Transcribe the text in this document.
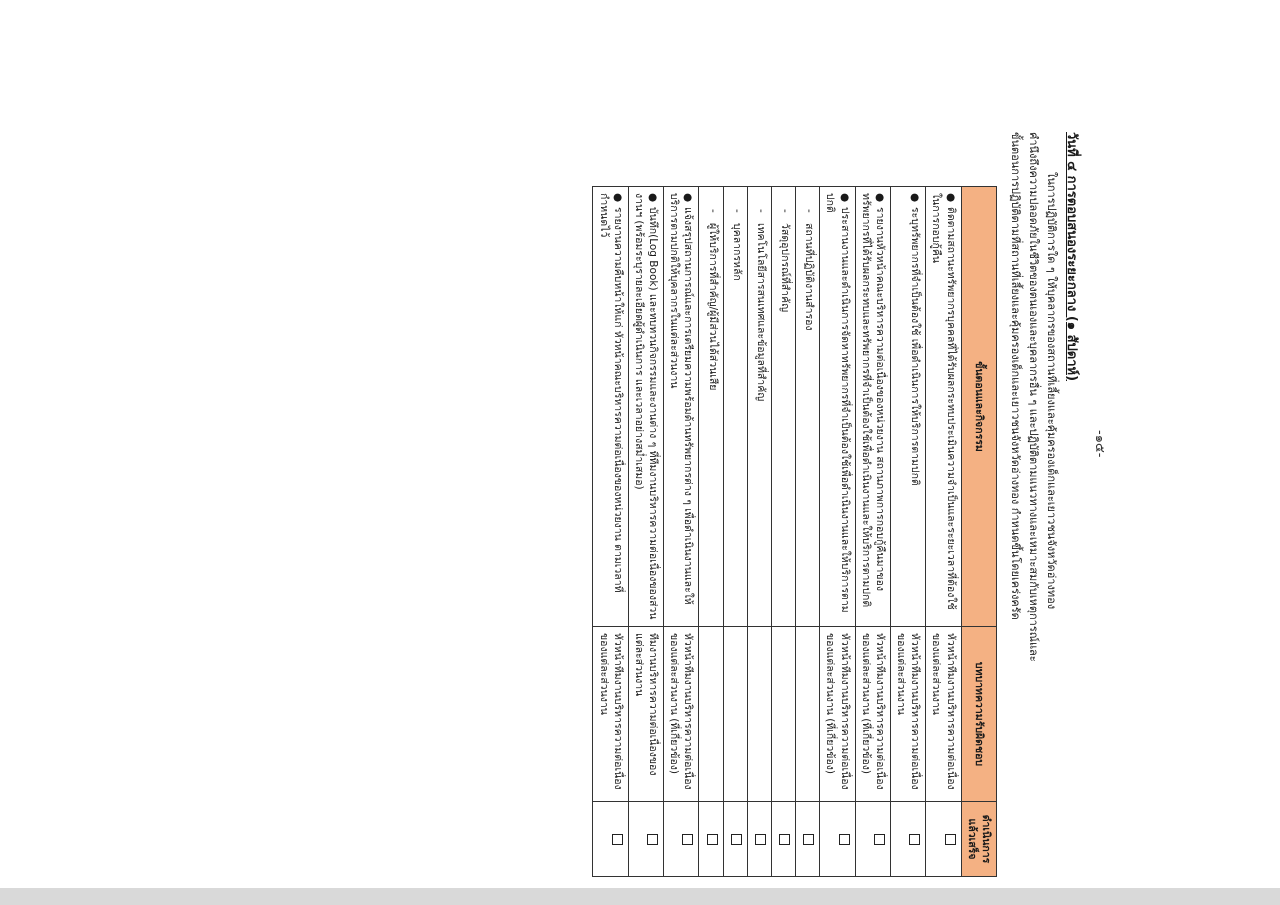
-๑๕-
วันที่ ๔ การตอบสนองระยะกลาง (๑ สัปดาห์)

ในการปฏิบัติการใด ๆ ให้บุคลากรของสถานที่เลี้ยงและคุ้มครองเด็กและเยาวชนจังหวัดอ่างทอง

คำนึงถึงความปลอดภัยในชีวิตของตนเองและบุคลากรอื่น ๆ และปฏิบัติตามแนวทางและเหมาะสมกับเหตุการณ์และ

ขั้นตอนการปฏิบัติตามที่สถานที่เลี้ยงและคุ้มครองเด็กและเยาวชนจังหวัดอ่างทอง กำหนดขึ้นโดยเคร่งครัด

ขั้นตอนและกิจกรรม	บทบาทความรับผิดชอบ	ดำเนินการแล้วเสร็จ
●ติดตามสถานะทรัพยากรบุคคลที่ได้รับผลกระทบประเมินความจำเป็นและระยะเวลาที่ต้องใช้ในการกอบกู้คืน	หัวหน้าทีมงานบริหารความต่อเนื่องของแต่ละส่วนงาน	
●ระบุทรัพยากรที่จำเป็นต้องใช้ เพื่อดำเนินการให้บริการตามปกติ	หัวหน้าทีมงานบริหารความต่อเนื่องของแต่ละส่วนงาน	
●รายงานหัวหน้าคณะบริหารความต่อเนื่องของหน่วยงาน สถานภาพการกอบกู้คืนมาของทรัพยากรที่ได้รับผลกระทบและทรัพยากรที่จำเป็นต้องใช้เพื่อดำเนินงานและให้บริการตามปกติ	หัวหน้าทีมงานบริหารความต่อเนื่องของแต่ละส่วนงาน (ที่เกี่ยวข้อง)	
●ประสานงานและดำเนินการจัดหาทรัพยากรที่จำเป็นต้องใช้เพื่อดำเนินงานและให้บริการตามปกติ	หัวหน้าทีมงานบริหารความต่อเนื่องของแต่ละส่วนงาน (ที่เกี่ยวข้อง)	

-สถานที่ปฏิบัติงานสำรอง		

-วัสดุอุปกรณ์ที่สำคัญ		

-เทคโนโลยีสารสนเทศและข้อมูลที่สำคัญ		

-บุคลากรหลัก		

-ผู้ให้บริการที่สำคัญ/ผู้มีส่วนได้ส่วนเสีย		

●แจ้งสรุปสถานการณ์และการเตรียมความพร้อมด้านทรัพยากรต่าง ๆ เพื่อดำเนินงานและให้บริการตามปกติให้บุคลากรในแต่ละส่วนงาน	หัวหน้าทีมงานบริหารความต่อเนื่องของแต่ละส่วนงาน (ที่เกี่ยวข้อง)	
●บันทึก(Log Book) และทบทวนกิจกรรมและงานต่าง ๆ ที่ทีมงานบริหารความต่อเนื่องของส่วนงานฯ (พร้อมระบุรายละเอียดผู้ดำเนินการ และเวลาอย่างสม่ำเสมอ)	ทีมงานบริหารความต่อเนื่องของแต่ละส่วนงาน	
●รายงานความคืบหน้าให้แก่ หัวหน้าคณะบริหารความต่อเนื่องของหน่วยงาน ตามเวลาที่กำหนดไว้	หัวหน้าทีมงานบริหารความต่อเนื่องของแต่ละส่วนงาน	
